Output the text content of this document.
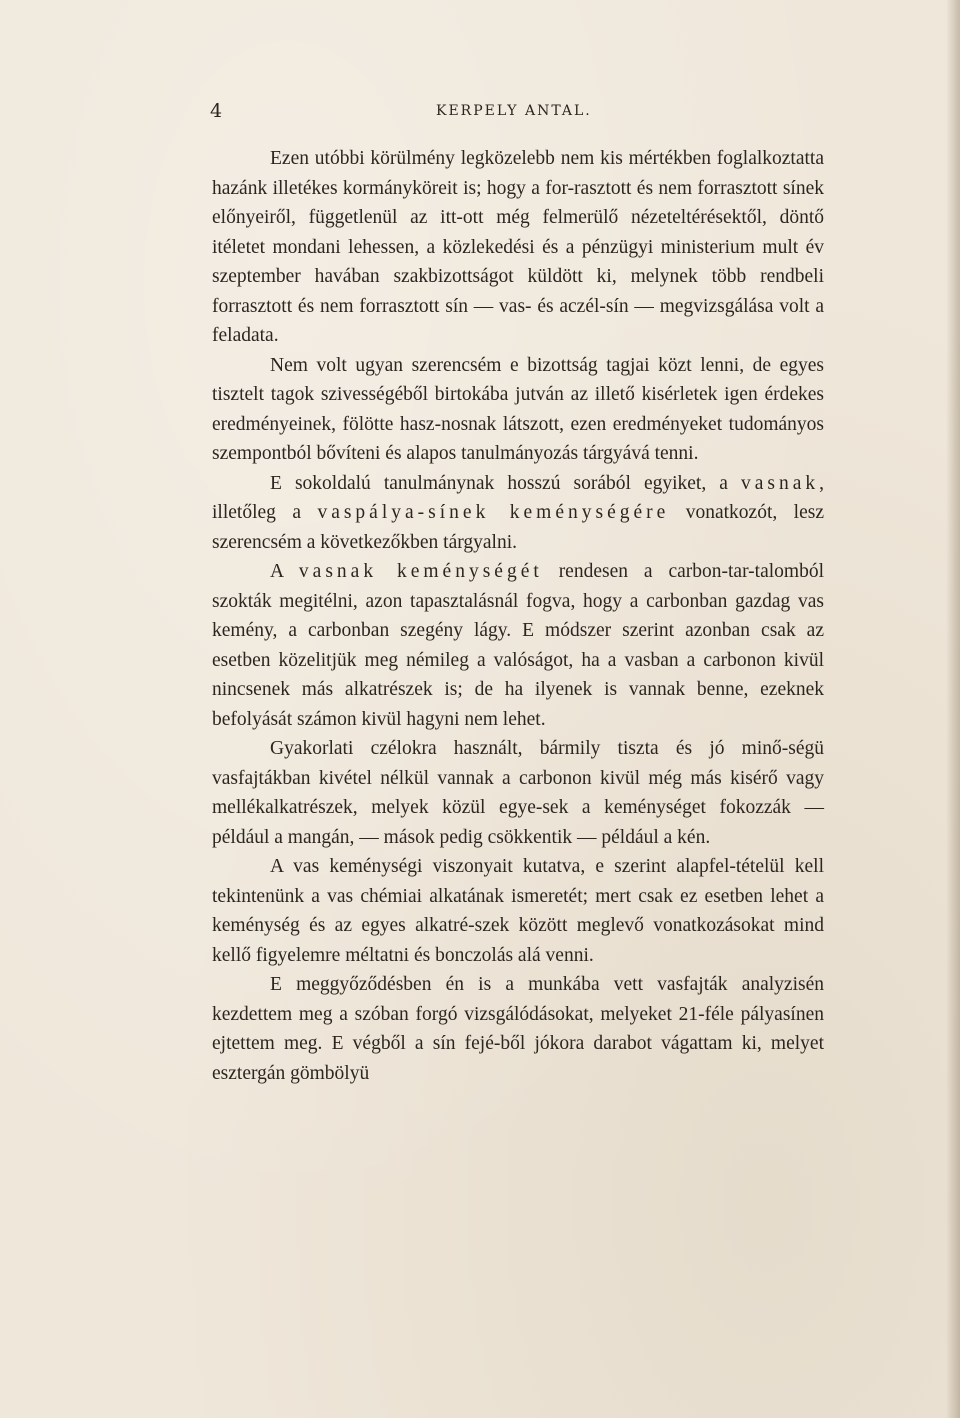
4	KERPELY ANTAL.

Ezen utóbbi körülmény legközelebb nem kis mértékben foglalkoztatta hazánk illetékes kormányköreit is; hogy a for-rasztott és nem forrasztott sínek előnyeiről, függetlenül az itt-ott még felmerülő nézeteltérésektől, döntő itéletet mondani lehessen, a közlekedési és a pénzügyi ministerium mult év szeptember havában szakbizottságot küldött ki, melynek több rendbeli forrasztott és nem forrasztott sín — vas- és aczél-sín — megvizsgálása volt a feladata.

Nem volt ugyan szerencsém e bizottság tagjai közt lenni, de egyes tisztelt tagok szivességéből birtokába jutván az illető kisérletek igen érdekes eredményeinek, fölötte hasz-nosnak látszott, ezen eredményeket tudományos szempontból bővíteni és alapos tanulmányozás tárgyává tenni.

E sokoldalú tanulmánynak hosszú sorából egyiket, a vasnak, illetőleg a vaspálya-sínek keménységére vonatkozót, lesz szerencsém a következőkben tárgyalni.

A vasnak keménységét rendesen a carbon-tar-talomból szokták megitélni, azon tapasztalásnál fogva, hogy a carbonban gazdag vas kemény, a carbonban szegény lágy. E módszer szerint azonban csak az esetben közelitjük meg némileg a valóságot, ha a vasban a carbonon kivül nincsenek más alkatrészek is; de ha ilyenek is vannak benne, ezeknek befolyását számon kivül hagyni nem lehet.

Gyakorlati czélokra használt, bármily tiszta és jó minő-ségü vasfajtákban kivétel nélkül vannak a carbonon kivül még más kisérő vagy mellékalkatrészek, melyek közül egye-sek a keménységet fokozzák — például a mangán, — mások pedig csökkentik — például a kén.

A vas keménységi viszonyait kutatva, e szerint alapfel-tételül kell tekintenünk a vas chémiai alkatának ismeretét; mert csak ez esetben lehet a keménység és az egyes alkatré-szek között meglevő vonatkozásokat mind kellő figyelemre méltatni és bonczolás alá venni.

E meggyőződésben én is a munkába vett vasfajták analyzisén kezdettem meg a szóban forgó vizsgálódásokat, melyeket 21-féle pályasínen ejtettem meg. E végből a sín fejé-ből jókora darabot vágattam ki, melyet esztergán gömbölyü
